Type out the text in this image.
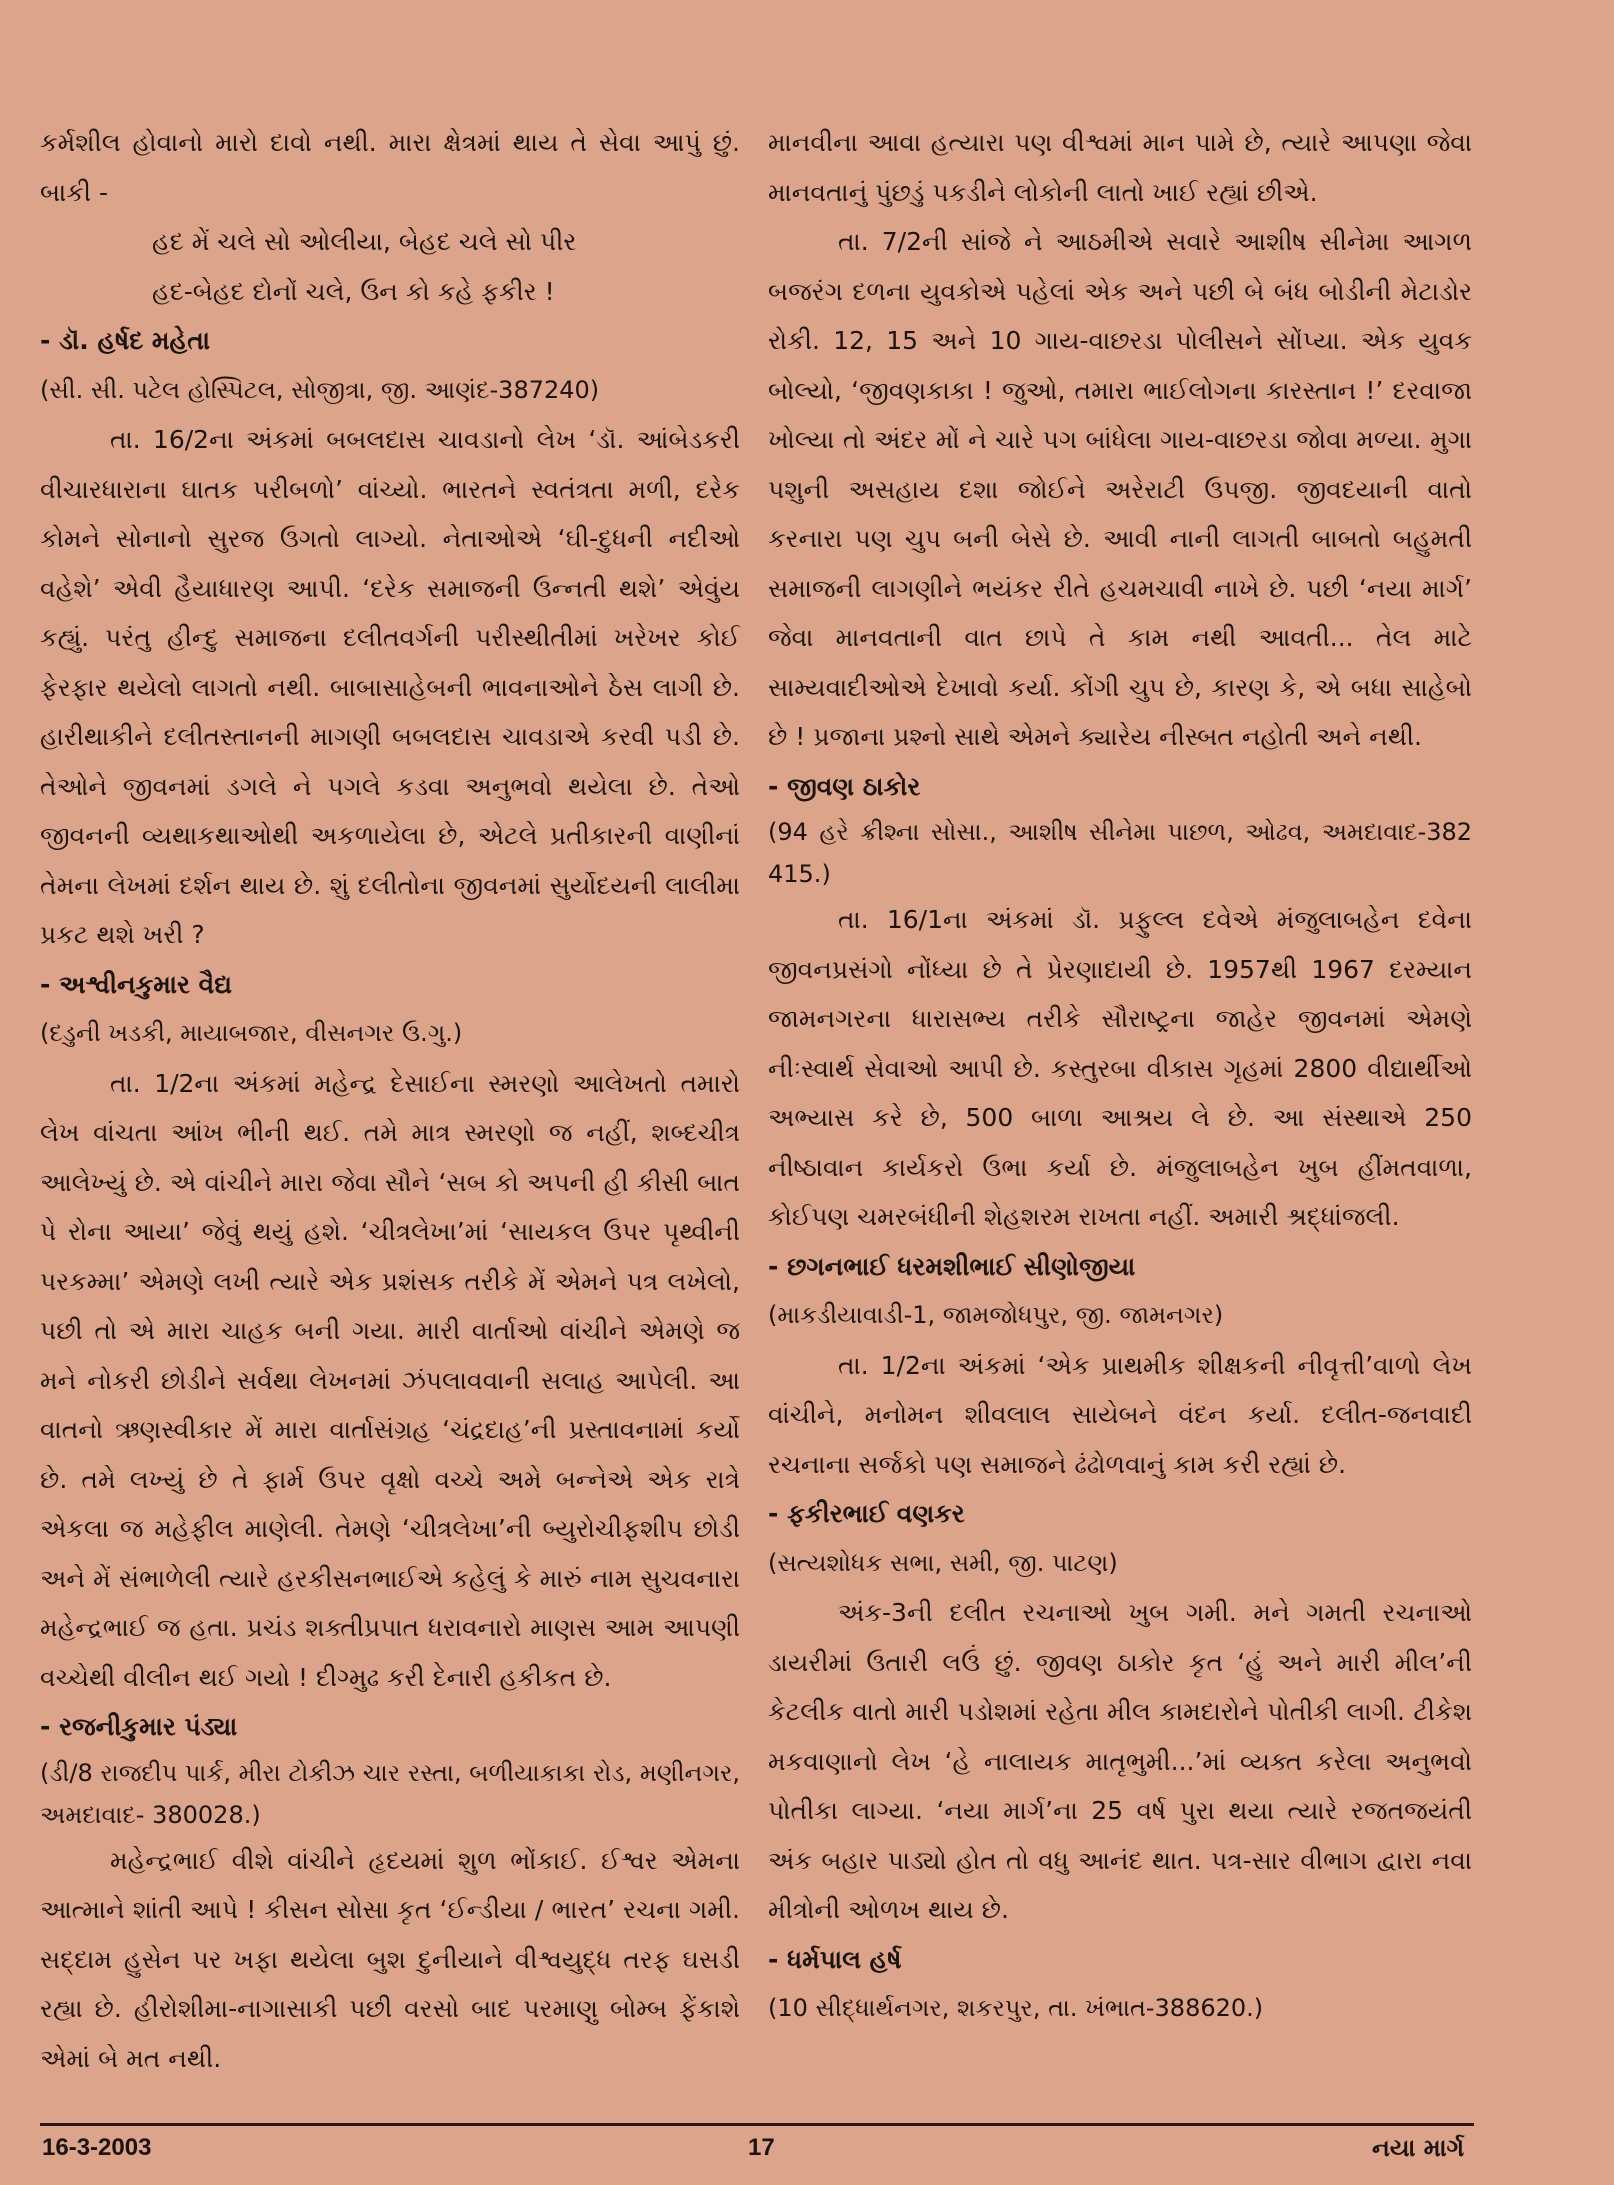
કર્મશીલ હોવાનો મારો દાવો નથી. મારા ક્ષેત્રમાં થાય તે સેવા આપું છું. બાકી -

હદ મેં ચલે સો ઓલીયા, બેહદ ચલે સો પીર

હદ-બેહદ દોનોં ચલે, ઉન કો કહે ફકીર !

- ડૉ. હર્ષદ મહેતા

(સી. સી. પટેલ હોસ્પિટલ, સોજીત્રા, જી. આણંદ-387240)

તા. 16/2ના અંકમાં બબલદાસ ચાવડાનો લેખ ‘ડૉ. આંબેડકરી વીચારધારાના ઘાતક પરીબળો’ વાંચ્યો. ભારતને સ્વતંત્રતા મળી, દરેક કોમને સોનાનો સુરજ ઉગતો લાગ્યો. નેતાઓએ ‘ઘી-દુધની નદીઓ વહેશે’ એવી હૈયાધારણ આપી. ‘દરેક સમાજની ઉન્નતી થશે’ એવુંય કહ્યું. પરંતુ હીન્દુ સમાજના દલીતવર્ગની પરીસ્થીતીમાં ખરેખર કોઈ ફેરફાર થયેલો લાગતો નથી. બાબાસાહેબની ભાવનાઓને ઠેસ લાગી છે. હારીથાકીને દલીતસ્તાનની માગણી બબલદાસ ચાવડાએ કરવી પડી છે. તેઓને જીવનમાં ડગલે ને પગલે કડવા અનુભવો થયેલા છે. તેઓ જીવનની વ્યથાકથાઓથી અકળાયેલા છે, એટલે પ્રતીકારની વાણીનાં તેમના લેખમાં દર્શન થાય છે. શું દલીતોના જીવનમાં સુર્યોદયની લાલીમા પ્રકટ થશે ખરી ?

- અશ્વીનકુમાર વૈદ્ય

(દડુની ખડકી, માયાબજાર, વીસનગર ઉ.ગુ.)

તા. 1/2ના અંકમાં મહેન્દ્ર દેસાઈના સ્મરણો આલેખતો તમારો લેખ વાંચતા આંખ ભીની થઈ. તમે માત્ર સ્મરણો જ નહીં, શબ્દચીત્ર આલેખ્યું છે. એ વાંચીને મારા જેવા સૌને ‘સબ કો અપની હી કીસી બાત પે રોના આયા’ જેવું થયું હશે. ‘ચીત્રલેખા’માં ‘સાયકલ ઉપર પૃથ્વીની પરકમ્મા’ એમણે લખી ત્યારે એક પ્રશંસક તરીકે મેં એમને પત્ર લખેલો, પછી તો એ મારા ચાહક બની ગયા. મારી વાર્તાઓ વાંચીને એમણે જ મને નોકરી છોડીને સર્વથા લેખનમાં ઝંપલાવવાની સલાહ આપેલી. આ વાતનો ઋણસ્વીકાર મેં મારા વાર્તાસંગ્રહ ‘ચંદ્રદાહ’ની પ્રસ્તાવનામાં કર્યો છે. તમે લખ્યું છે તે ફાર્મ ઉપર વૃક્ષો વચ્ચે અમે બન્નેએ એક રાત્રે એકલા જ મહેફીલ માણેલી. તેમણે ‘ચીત્રલેખા’ની બ્યુરોચીફશીપ છોડી અને મેં સંભાળેલી ત્યારે હરકીસનભાઈએ કહેલું કે મારું નામ સુચવનારા મહેન્દ્રભાઈ જ હતા. પ્રચંડ શક્તીપ્રપાત ધરાવનારો માણસ આમ આપણી વચ્ચેથી વીલીન થઈ ગયો ! દીગ્મુઢ કરી દેનારી હકીકત છે.

- રજનીકુમાર પંડ્યા

(ડી/8 રાજદીપ પાર્ક, મીરા ટોકીઝ ચાર રસ્તા, બળીયાકાકા રોડ, મણીનગર, અમદાવાદ- 380028.)

મહેન્દ્રભાઈ વીશે વાંચીને હૃદયમાં શુળ ભોંકાઈ. ઈશ્વર એમના આત્માને શાંતી આપે ! કીસન સોસા કૃત ‘ઈન્ડીયા / ભારત’ રચના ગમી. સદ્દામ હુસેન પર ખફા થયેલા બુશ દુનીયાને વીશ્વયુદ્ધ તરફ ઘસડી રહ્યા છે. હીરોશીમા-નાગાસાકી પછી વરસો બાદ પરમાણુ બોમ્બ ફેંકાશે એમાં બે મત નથી.

માનવીના આવા હત્યારા પણ વીશ્વમાં માન પામે છે, ત્યારે આપણા જેવા માનવતાનું પુંછડું પકડીને લોકોની લાતો ખાઈ રહ્યાં છીએ.

તા. 7/2ની સાંજે ને આઠમીએ સવારે આશીષ સીનેમા આગળ બજરંગ દળના યુવકોએ પહેલાં એક અને પછી બે બંધ બોડીની મેટાડોર રોકી. 12, 15 અને 10 ગાય-વાછરડા પોલીસને સોંપ્યા. એક યુવક બોલ્યો, ‘જીવણકાકા ! જુઓ, તમારા ભાઈલોગના કારસ્તાન !’ દરવાજા ખોલ્યા તો અંદર મોં ને ચારે પગ બાંધેલા ગાય-વાછરડા જોવા મળ્યા. મુગા પશુની અસહાય દશા જોઈને અરેરાટી ઉપજી. જીવદયાની વાતો કરનારા પણ ચુપ બની બેસે છે. આવી નાની લાગતી બાબતો બહુમતી સમાજની લાગણીને ભયંકર રીતે હચમચાવી નાખે છે. પછી ‘નયા માર્ગ’ જેવા માનવતાની વાત છાપે તે કામ નથી આવતી... તેલ માટે સામ્યવાદીઓએ દેખાવો કર્યા. કોંગી ચુપ છે, કારણ કે, એ બધા સાહેબો છે ! પ્રજાના પ્રશ્નો સાથે એમને ક્યારેય નીસ્બત નહોતી અને નથી.

- જીવણ ઠાકોર

(94 હરે ક્રીશ્ના સોસા., આશીષ સીનેમા પાછળ, ઓઢવ, અમદાવાદ-382 415.)

તા. 16/1ના અંકમાં ડૉ. પ્રફુલ્લ દવેએ મંજુલાબહેન દવેના જીવનપ્રસંગો નોંધ્યા છે તે પ્રેરણાદાયી છે. 1957થી 1967 દરમ્યાન જામનગરના ધારાસભ્ય તરીકે સૌરાષ્ટ્રના જાહેર જીવનમાં એમણે નીઃસ્વાર્થ સેવાઓ આપી છે. કસ્તુરબા વીકાસ ગૃહમાં 2800 વીદ્યાર્થીઓ અભ્યાસ કરે છે, 500 બાળા આશ્રય લે છે. આ સંસ્થાએ 250 નીષ્ઠાવાન કાર્યકરો ઉભા કર્યા છે. મંજુલાબહેન ખુબ હીંમતવાળા, કોઈપણ ચમરબંધીની શેહશરમ રાખતા નહીં. અમારી શ્રદ્ધાંજલી.

- છગનભાઈ ધરમશીભાઈ સીણોજીયા

(માકડીયાવાડી-1, જામજોધપુર, જી. જામનગર)

તા. 1/2ના અંકમાં ‘એક પ્રાથમીક શીક્ષકની નીવૃત્તી’વાળો લેખ વાંચીને, મનોમન શીવલાલ સાયેબને વંદન કર્યા. દલીત-જનવાદી રચનાના સર્જકો પણ સમાજને ઢંઢોળવાનું કામ કરી રહ્યાં છે.

- ફકીરભાઈ વણકર

(સત્યશોધક સભા, સમી, જી. પાટણ)

અંક-3ની દલીત રચનાઓ ખુબ ગમી. મને ગમતી રચનાઓ ડાયરીમાં ઉતારી લઉં છું. જીવણ ઠાકોર કૃત ‘હું અને મારી મીલ’ની કેટલીક વાતો મારી પડોશમાં રહેતા મીલ કામદારોને પોતીકી લાગી. ટીકેશ મકવાણાનો લેખ ‘હે નાલાયક માતૃભુમી...’માં વ્યક્ત કરેલા અનુભવો પોતીકા લાગ્યા. ‘નયા માર્ગ’ના 25 વર્ષ પુરા થયા ત્યારે રજતજયંતી અંક બહાર પાડ્યો હોત તો વધુ આનંદ થાત. પત્ર-સાર વીભાગ દ્વારા નવા મીત્રોની ઓળખ થાય છે.

- ધર્મપાલ હર્ષ

(10 સીદ્ધાર્થનગર, શકરપુર, તા. ખંભાત-388620.)

16-3-2003	17	નયા માર્ગ
